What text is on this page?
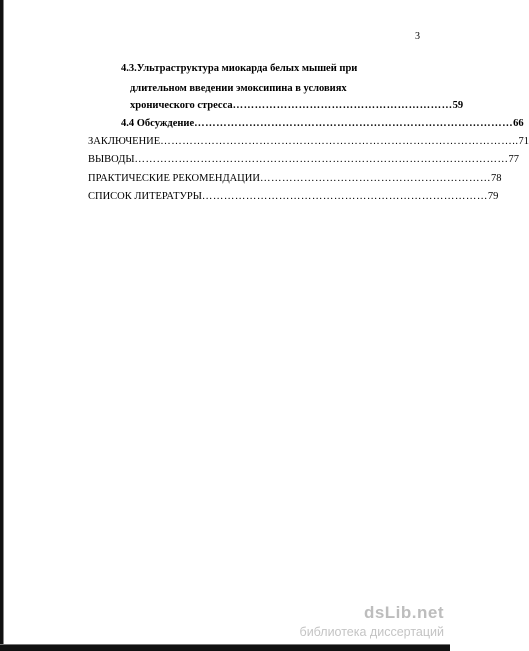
3
4.3.Ультраструктура миокарда белых мышей при
длительном введении эмоксипина в условиях
хронического стресса …………………………………………………… 59
4.4 Обсуждение …………………………………………………………………………… 66
ЗАКЛЮЧЕНИЕ …………………………………………………………………………………….. 71
ВЫВОДЫ ………………………………………………………………………………………… 77
ПРАКТИЧЕСКИЕ РЕКОМЕНДАЦИИ ……………………………………………………… 78
СПИСОК ЛИТЕРАТУРЫ …………………………………………………………………… 79
dsLib.net
библиотека диссертаций
